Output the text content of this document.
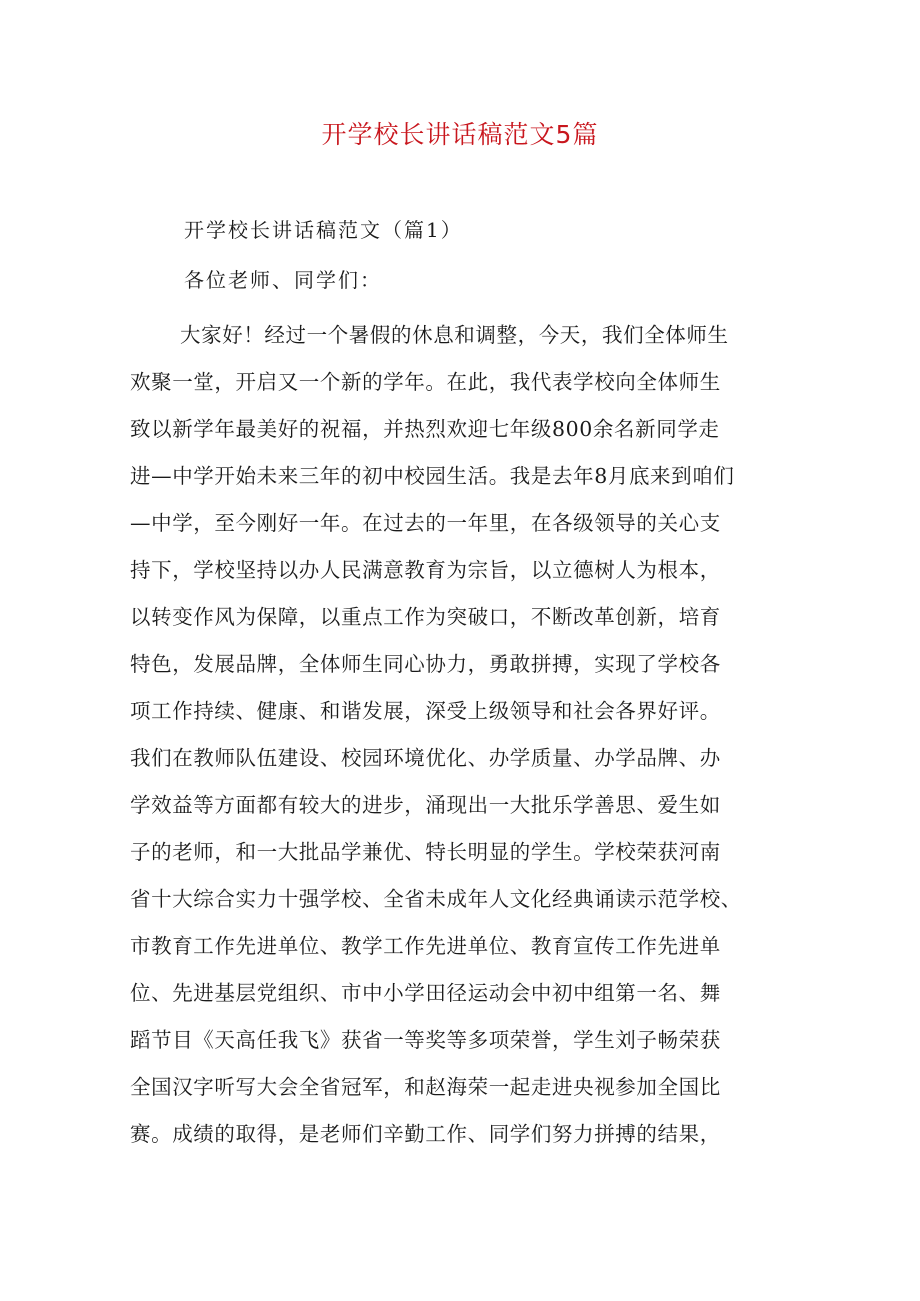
开学校长讲话稿范文5篇
开学校长讲话稿范文（篇1）
各位老师、同学们：
大家好！经过一个暑假的休息和调整，今天，我们全体师生
欢聚一堂，开启又一个新的学年。在此，我代表学校向全体师生
致以新学年最美好的祝福，并热烈欢迎七年级800余名新同学走
进—中学开始未来三年的初中校园生活。我是去年8月底来到咱们
—中学，至今刚好一年。在过去的一年里，在各级领导的关心支
持下，学校坚持以办人民满意教育为宗旨，以立德树人为根本，
以转变作风为保障，以重点工作为突破口，不断改革创新，培育
特色，发展品牌，全体师生同心协力，勇敢拼搏，实现了学校各
项工作持续、健康、和谐发展，深受上级领导和社会各界好评。
我们在教师队伍建设、校园环境优化、办学质量、办学品牌、办
学效益等方面都有较大的进步，涌现出一大批乐学善思、爱生如
子的老师，和一大批品学兼优、特长明显的学生。学校荣获河南
省十大综合实力十强学校、全省未成年人文化经典诵读示范学校、
市教育工作先进单位、教学工作先进单位、教育宣传工作先进单
位、先进基层党组织、市中小学田径运动会中初中组第一名、舞
蹈节目《天高任我飞》获省一等奖等多项荣誉，学生刘子畅荣获
全国汉字听写大会全省冠军，和赵海荣一起走进央视参加全国比
赛。成绩的取得，是老师们辛勤工作、同学们努力拼搏的结果，
